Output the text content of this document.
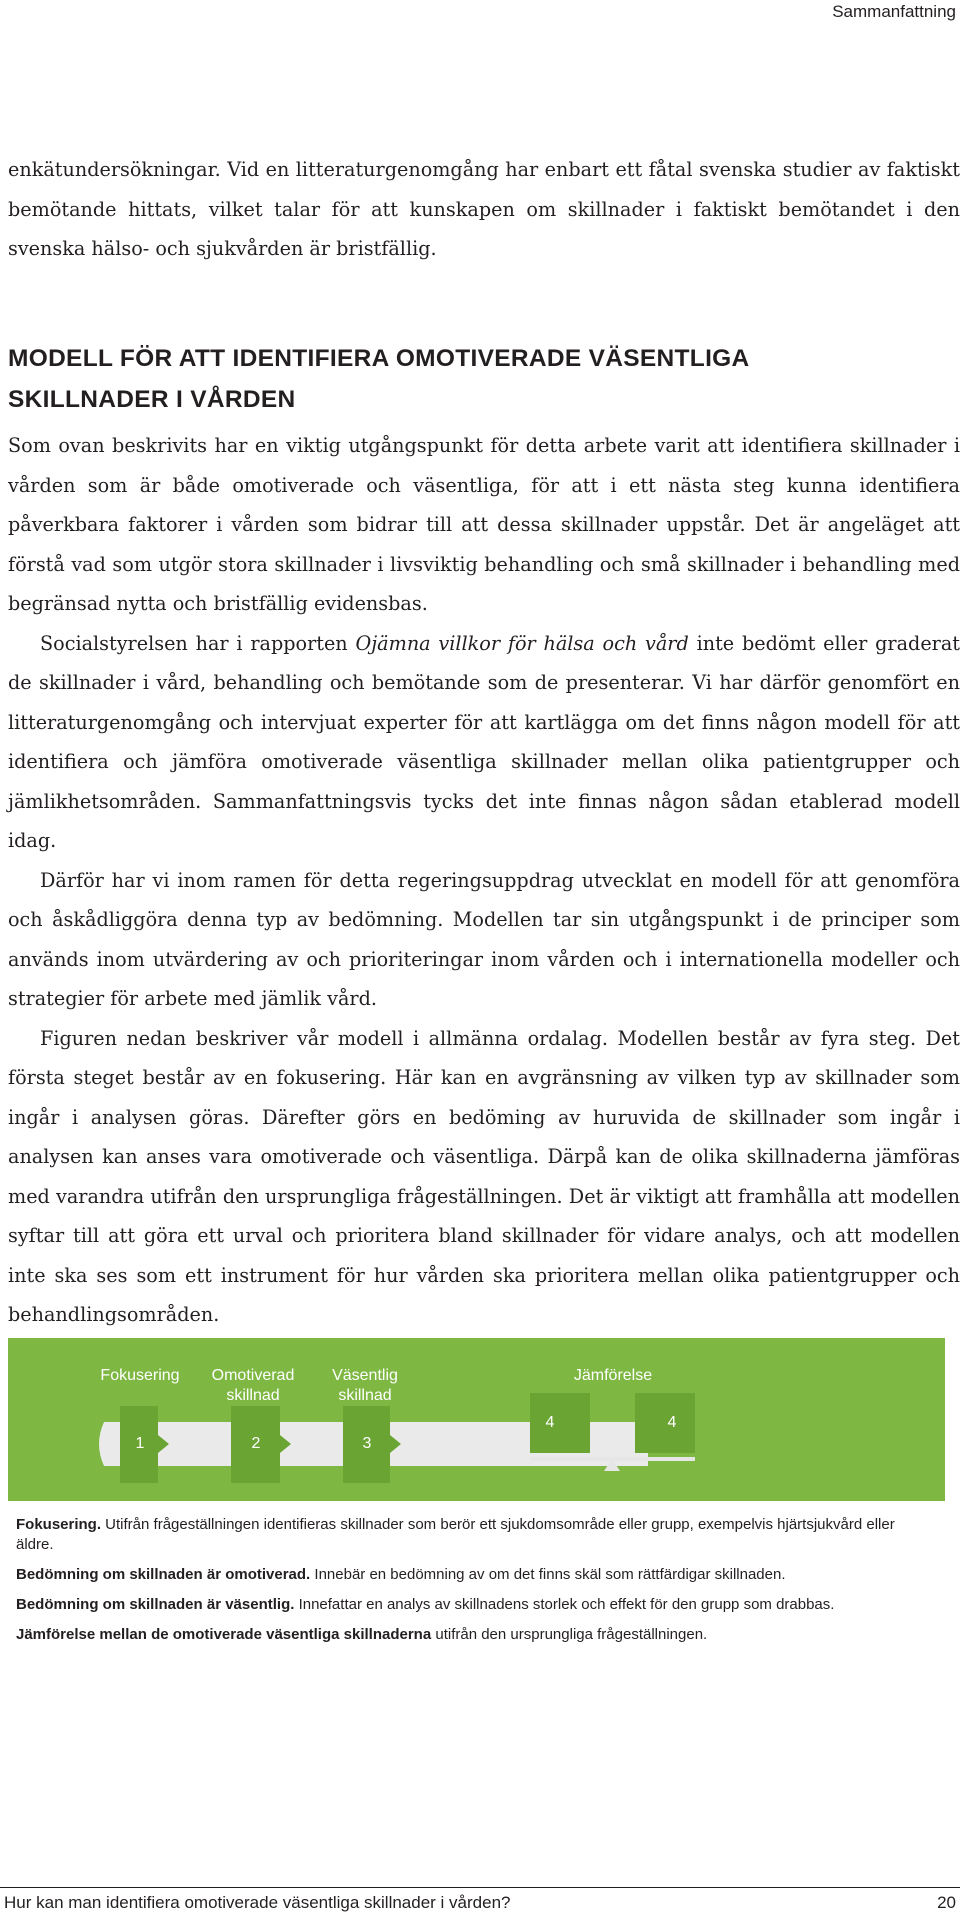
Sammanfattning

enkätundersökningar. Vid en litteraturgenomgång har enbart ett fåtal svenska studier av faktiskt bemötande hittats, vilket talar för att kunskapen om skillnader i faktiskt bemötandet i den svenska hälso- och sjukvården är bristfällig.

MODELL FÖR ATT IDENTIFIERA OMOTIVERADE VÄSENTLIGA
SKILLNADER I VÅRDEN

Som ovan beskrivits har en viktig utgångspunkt för detta arbete varit att identifiera skillnader i vården som är både omotiverade och väsentliga, för att i ett nästa steg kunna identifiera påverkbara faktorer i vården som bidrar till att dessa skillnader uppstår. Det är angeläget att förstå vad som utgör stora skillnader i livsviktig behandling och små skillnader i behandling med begränsad nytta och bristfällig evidensbas.

Socialstyrelsen har i rapporten Ojämna villkor för hälsa och vård inte bedömt eller graderat de skillnader i vård, behandling och bemötande som de presenterar. Vi har därför genomfört en litteraturgenomgång och intervjuat experter för att kartlägga om det finns någon modell för att identifiera och jämföra omotiverade väsentliga skillnader mellan olika patientgrupper och jämlikhetsområden. Sammanfattningsvis tycks det inte finnas någon sådan etablerad modell idag.

Därför har vi inom ramen för detta regeringsuppdrag utvecklat en modell för att genomföra och åskådliggöra denna typ av bedömning. Modellen tar sin utgångspunkt i de principer som används inom utvärdering av och prioriteringar inom vården och i internationella modeller och strategier för arbete med jämlik vård.

Figuren nedan beskriver vår modell i allmänna ordalag. Modellen består av fyra steg. Det första steget består av en fokusering. Här kan en avgränsning av vilken typ av skillnader som ingår i analysen göras. Därefter görs en bedöming av huruvida de skillnader som ingår i analysen kan anses vara omotiverade och väsentliga. Därpå kan de olika skillnaderna jämföras med varandra utifrån den ursprungliga frågeställningen. Det är viktigt att framhålla att modellen syftar till att göra ett urval och prioritera bland skillnader för vidare analys, och att modellen inte ska ses som ett instrument för hur vården ska prioritera mellan olika patientgrupper och behandlingsområden.

Fokusering Omotiverad
skillnad
Väsentlig
skillnad
Jämförelse
1	2	3
4	4

Fokusering. Utifrån frågeställningen identifieras skillnader som berör ett sjukdomsområde eller grupp, exempelvis hjärtsjukvård eller äldre.

Bedömning om skillnaden är omotiverad. Innebär en bedömning av om det finns skäl som rättfärdigar skillnaden.

Bedömning om skillnaden är väsentlig. Innefattar en analys av skillnadens storlek och effekt för den grupp som drabbas.

Jämförelse mellan de omotiverade väsentliga skillnaderna utifrån den ursprungliga frågeställningen.

Hur kan man identifiera omotiverade väsentliga skillnader i vården?	20
